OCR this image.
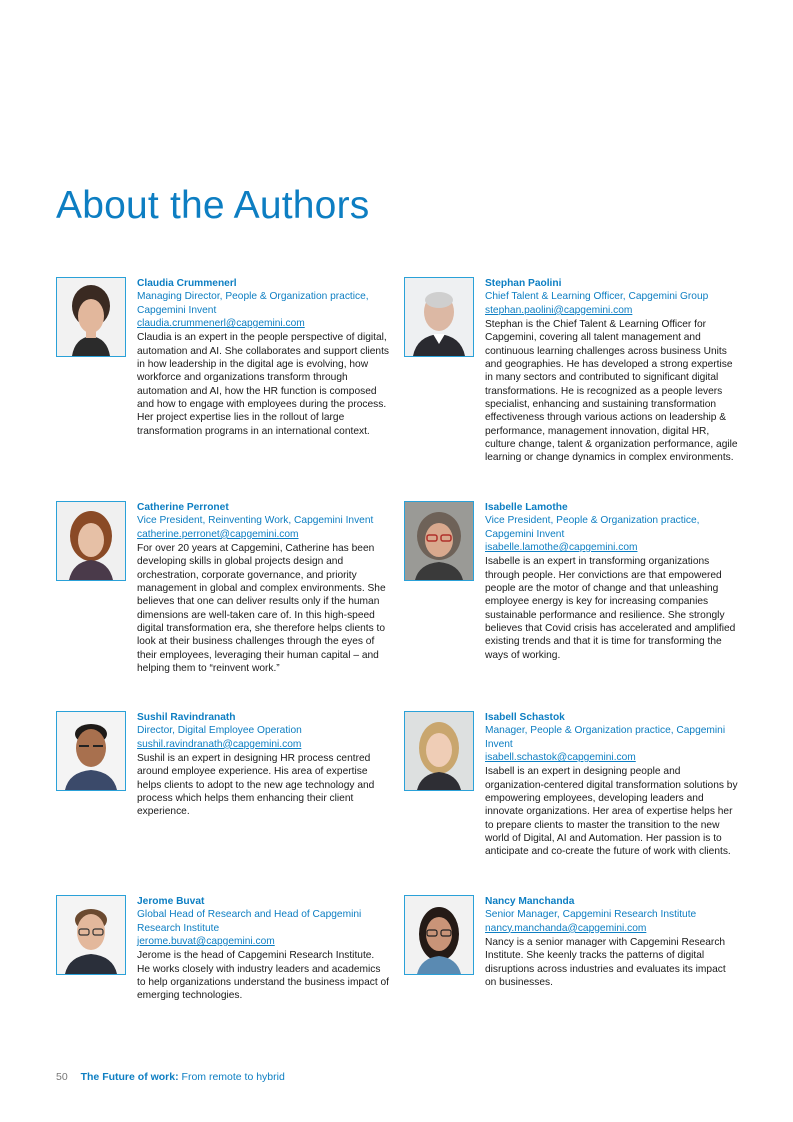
About the Authors
Claudia Crummenerl
Managing Director, People & Organization practice, Capgemini Invent
claudia.crummenerl@capgemini.com
Claudia is an expert in the people perspective of digital, automation and AI. She collaborates and support clients in how leadership in the digital age is evolving, how workforce and organizations transform through automation and AI, how the HR function is composed and how to engage with employees during the process. Her project expertise lies in the rollout of large transformation programs in an international context.
Stephan Paolini
Chief Talent & Learning Officer, Capgemini Group
stephan.paolini@capgemini.com
Stephan is the Chief Talent & Learning Officer for Capgemini, covering all talent management and continuous learning challenges across business Units and geographies. He has developed a strong expertise in many sectors and contributed to significant digital transformations. He is recognized as a people levers specialist, enhancing and sustaining transformation effectiveness through various actions on leadership & performance, management innovation, digital HR, culture change, talent & organization performance, agile learning or change dynamics in complex environments.
Catherine Perronet
Vice President, Reinventing Work, Capgemini Invent
catherine.perronet@capgemini.com
For over 20 years at Capgemini, Catherine has been developing skills in global projects design and orchestration, corporate governance, and priority management in global and complex environments. She believes that one can deliver results only if the human dimensions are well-taken care of. In this high-speed digital transformation era, she therefore helps clients to look at their business challenges through the eyes of their employees, leveraging their human capital – and helping them to “reinvent work.”
Isabelle Lamothe
Vice President, People & Organization practice, Capgemini Invent
isabelle.lamothe@capgemini.com
Isabelle is an expert in transforming organizations through people. Her convictions are that empowered people are the motor of change and that unleashing employee energy is key for increasing companies sustainable performance and resilience. She strongly believes that Covid crisis has accelerated and amplified existing trends and that it is time for transforming the ways of working.
Sushil Ravindranath
Director, Digital Employee Operation
sushil.ravindranath@capgemini.com
Sushil is an expert in designing HR process centred around employee experience. His area of expertise helps clients to adopt to the new age technology and process which helps them enhancing their client experience.
Isabell Schastok
Manager, People & Organization practice, Capgemini Invent
isabell.schastok@capgemini.com
Isabell is an expert in designing people and organization-centered digital transformation solutions by empowering employees, developing leaders and innovate organizations. Her area of expertise helps her to prepare clients to master the transition to the new world of Digital, AI and Automation. Her passion is to anticipate and co-create the future of work with clients.
Jerome Buvat
Global Head of Research and Head of Capgemini Research Institute
jerome.buvat@capgemini.com
Jerome is the head of Capgemini Research Institute. He works closely with industry leaders and academics to help organizations understand the business impact of emerging technologies.
Nancy Manchanda
Senior Manager, Capgemini Research Institute
nancy.manchanda@capgemini.com
Nancy is a senior manager with Capgemini Research Institute. She keenly tracks the patterns of digital disruptions across industries and evaluates its impact on businesses.
50 The Future of work: From remote to hybrid
